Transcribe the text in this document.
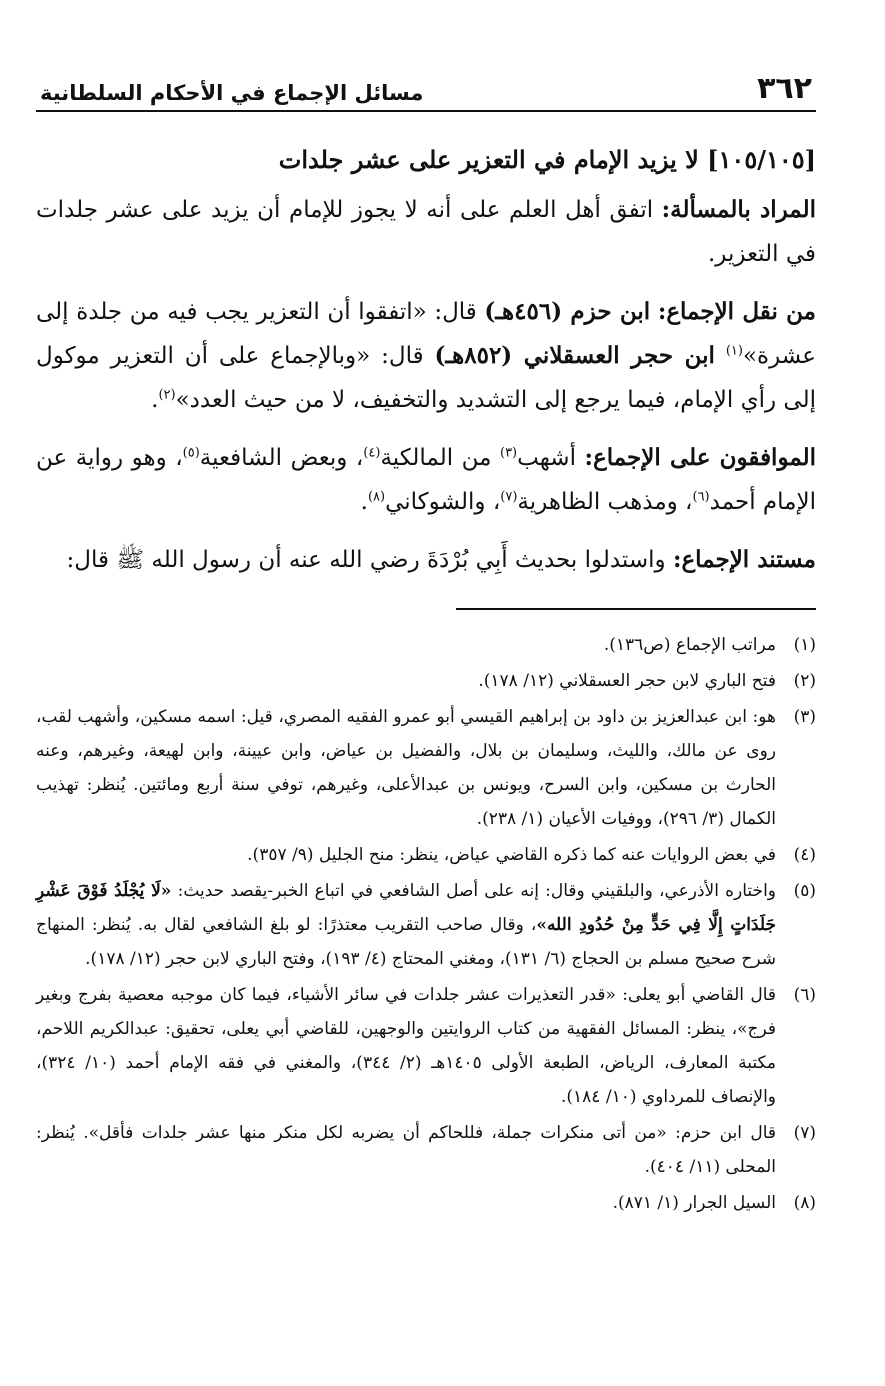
٣٦٢
مسائل الإجماع في الأحكام السلطانية

[١٠٥/١٠٥] لا يزيد الإمام في التعزير على عشر جلدات

المراد بالمسألة: اتفق أهل العلم على أنه لا يجوز للإمام أن يزيد على عشر جلدات في التعزير.

من نقل الإجماع: ابن حزم (٤٥٦هـ) قال: «اتفقوا أن التعزير يجب فيه من جلدة إلى عشرة»$^{(١)}$ ابن حجر العسقلاني (٨٥٢هـ) قال: «وبالإجماع على أن التعزير موكول إلى رأي الإمام، فيما يرجع إلى التشديد والتخفيف، لا من حيث العدد»$^{(٢)}$.

الموافقون على الإجماع: أشهب$^{(٣)}$ من المالكية$^{(٤)}$، وبعض الشافعية$^{(٥)}$، وهو رواية عن الإمام أحمد$^{(٦)}$، ومذهب الظاهرية$^{(٧)}$، والشوكاني$^{(٨)}$.

مستند الإجماع: واستدلوا بحديث أَبِي بُرْدَةَ رضي الله عنه أن رسول الله ﷺ قال:

(١)
مراتب الإجماع (ص١٣٦).
(٢)
فتح الباري لابن حجر العسقلاني (١٢/ ١٧٨).
(٣)
هو: ابن عبدالعزيز بن داود بن إبراهيم القيسي أبو عمرو الفقيه المصري، قيل: اسمه مسكين، وأشهب لقب، روى عن مالك، والليث، وسليمان بن بلال، والفضيل بن عياض، وابن عيينة، وابن لهيعة، وغيرهم، وعنه الحارث بن مسكين، وابن السرح، ويونس بن عبدالأعلى، وغيرهم، توفي سنة أربع ومائتين. يُنظر: تهذيب الكمال (٣/ ٢٩٦)، ووفيات الأعيان (١/ ٢٣٨).
(٤)
في بعض الروايات عنه كما ذكره القاضي عياض، ينظر: منح الجليل (٩/ ٣٥٧).
(٥)
واختاره الأذرعي، والبلقيني وقال: إنه على أصل الشافعي في اتباع الخبر-يقصد حديث: «لَا يُجْلَدُ فَوْقَ عَشْرِ جَلَدَاتٍ إِلَّا فِي حَدٍّ مِنْ حُدُودِ الله»، وقال صاحب التقريب معتذرًا: لو بلغ الشافعي لقال به. يُنظر: المنهاج شرح صحيح مسلم بن الحجاج (٦/ ١٣١)، ومغني المحتاج (٤/ ١٩٣)، وفتح الباري لابن حجر (١٢/ ١٧٨).
(٦)
قال القاضي أبو يعلى: «قدر التعذيرات عشر جلدات في سائر الأشياء، فيما كان موجبه معصية بفرج وبغير فرج»، ينظر: المسائل الفقهية من كتاب الروايتين والوجهين، للقاضي أبي يعلى، تحقيق: عبدالكريم اللاحم، مكتبة المعارف، الرياض، الطبعة الأولى ١٤٠٥هـ (٢/ ٣٤٤)، والمغني في فقه الإمام أحمد (١٠/ ٣٢٤)، والإنصاف للمرداوي (١٠/ ١٨٤).
(٧)
قال ابن حزم: «من أتى منكرات جملة، فللحاكم أن يضربه لكل منكر منها عشر جلدات فأقل». يُنظر: المحلى (١١/ ٤٠٤).
(٨)
السيل الجرار (١/ ٨٧١).
